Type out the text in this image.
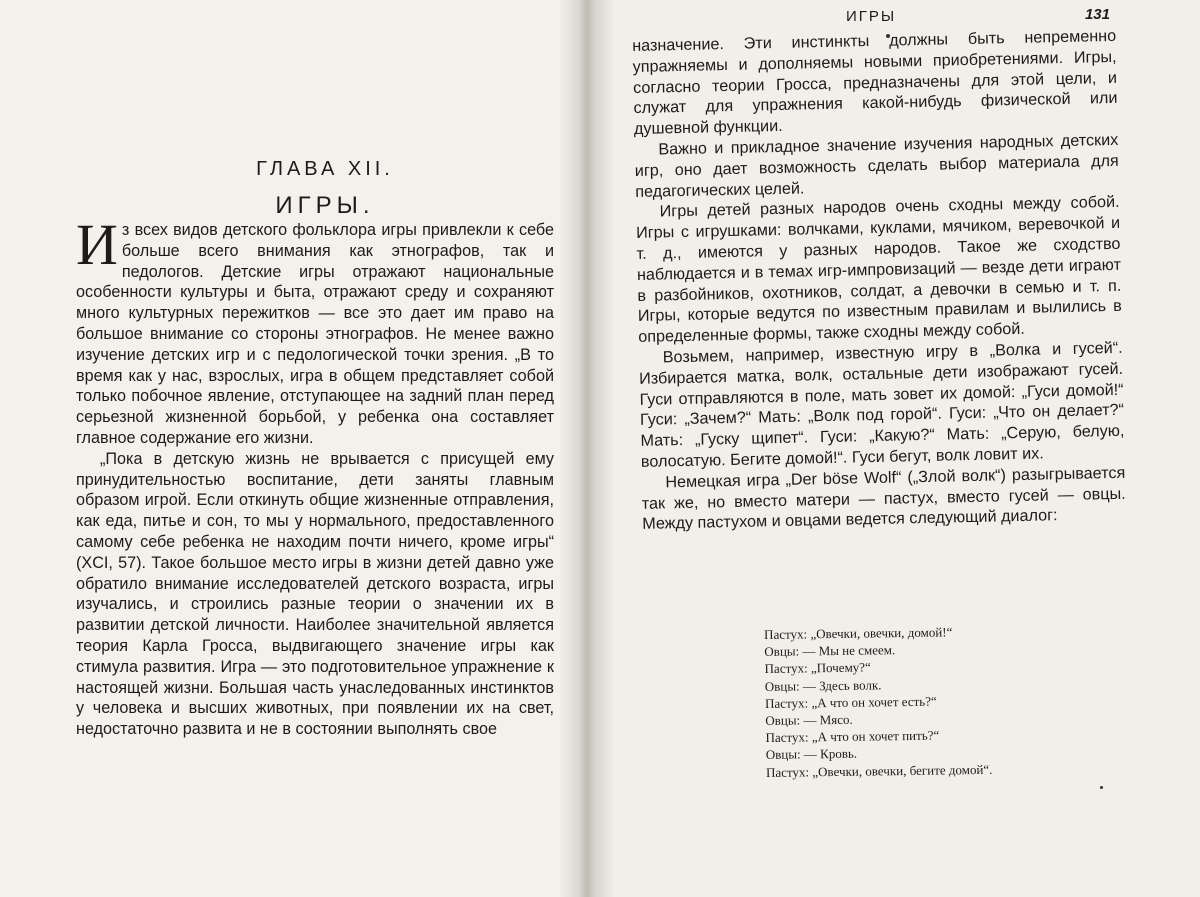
ИГРЫ	131
ГЛАВА XII.
ИГРЫ.

Из всех видов детского фольклора игры привлекли к себе больше всего внимания как этнографов, так и педологов. Детские игры отражают национальные особенности культуры и быта, отражают среду и сохраняют много культурных пережитков — все это дает им право на большое внимание со стороны этнографов. Не менее важно изучение детских игр и с педологической точки зрения. „В то время как у нас, взрослых, игра в общем представляет собой только побочное явление, отступающее на задний план перед серьезной жизненной борьбой, у ребенка она составляет главное содержание его жизни.

„Пока в детскую жизнь не врывается с присущей ему принудительностью воспитание, дети заняты главным образом игрой. Если откинуть общие жизненные отправления, как еда, питье и сон, то мы у нормального, предоставленного самому себе ребенка не находим почти ничего, кроме игры“ (XCI, 57). Такое большое место игры в жизни детей давно уже обратило внимание исследователей детского возраста, игры изучались, и строились разные теории о значении их в развитии детской личности. Наиболее значительной является теория Карла Гросса, выдвигающего значение игры как стимула развития. Игра — это подготовительное упражнение к настоящей жизни. Большая часть унаследованных инстинктов у человека и высших животных, при появлении их на свет, недостаточно развита и не в состоянии выполнять свое

назначение. Эти инстинкты должны быть непременно упражняемы и дополняемы новыми приобретениями. Игры, согласно теории Гросса, предназначены для этой цели, и служат для упражнения какой-нибудь физической или душевной функции.

Важно и прикладное значение изучения народных детских игр, оно дает возможность сделать выбор материала для педагогических целей.

Игры детей разных народов очень сходны между собой. Игры с игрушками: волчками, куклами, мячиком, веревочкой и т. д., имеются у разных народов. Такое же сходство наблюдается и в темах игр-импровизаций — везде дети играют в разбойников, охотников, солдат, а девочки в семью и т. п. Игры, которые ведутся по известным правилам и вылились в определенные формы, также сходны между собой.

Возьмем, например, известную игру в „Волка и гусей“. Избирается матка, волк, остальные дети изображают гусей. Гуси отправляются в поле, мать зовет их домой: „Гуси домой!“ Гуси: „Зачем?“ Мать: „Волк под горой“. Гуси: „Что он делает?“ Мать: „Гуску щипет“. Гуси: „Какую?“ Мать: „Серую, белую, волосатую. Бегите домой!“. Гуси бегут, волк ловит их.

Немецкая игра „Der böse Wolf“ („Злой волк“) разыгрывается так же, но вместо матери — пастух, вместо гусей — овцы. Между пастухом и овцами ведется следующий диалог:

Пастух: „Овечки, овечки, домой!“
Овцы: — Мы не смеем.
Пастух: „Почему?“
Овцы: — Здесь волк.
Пастух: „А что он хочет есть?“
Овцы: — Мясо.
Пастух: „А что он хочет пить?“
Овцы: — Кровь.
Пастух: „Овечки, овечки, бегите домой“.
